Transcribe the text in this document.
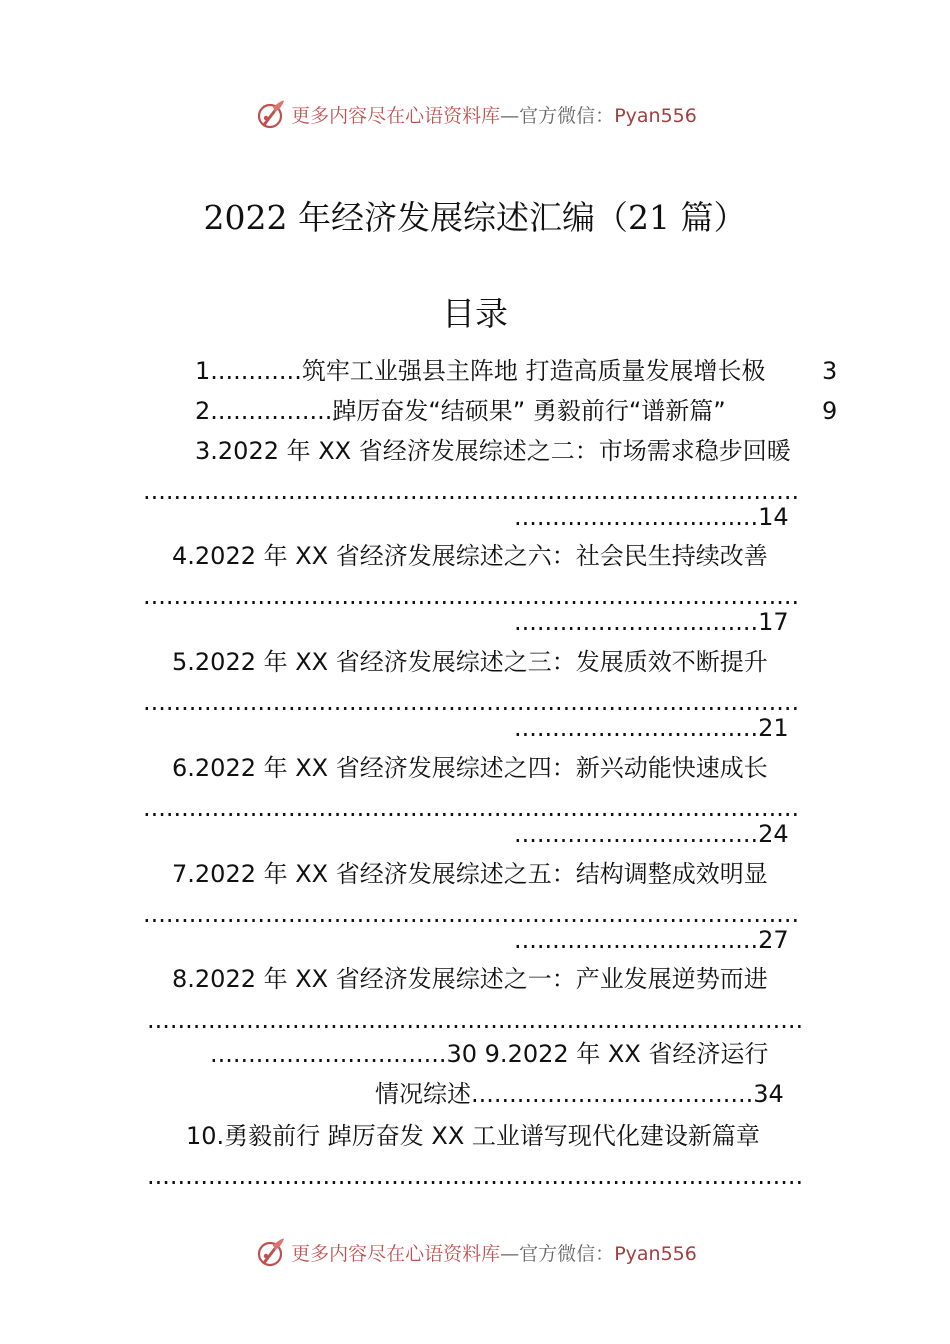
更多内容尽在心语资料库—官方微信：Pyan556
2022 年经济发展综述汇编（21 篇）
目录
1............筑牢工业强县主阵地 打造高质量发展增长极 3
2................踔厉奋发“结硕果” 勇毅前行“谱新篇”	9
3.2022 年 XX 省经济发展综述之二：市场需求稳步回暖
......................................................................................
................................14
4.2022 年 XX 省经济发展综述之六：社会民生持续改善
......................................................................................
................................17
5.2022 年 XX 省经济发展综述之三：发展质效不断提升
......................................................................................
................................21
6.2022 年 XX 省经济发展综述之四：新兴动能快速成长
......................................................................................
................................24
7.2022 年 XX 省经济发展综述之五：结构调整成效明显
......................................................................................
................................27
8.2022 年 XX 省经济发展综述之一：产业发展逆势而进
......................................................................................
...............................30 9.2022 年 XX 省经济运行
情况综述.....................................34
10.勇毅前行 踔厉奋发 XX 工业谱写现代化建设新篇章
......................................................................................
更多内容尽在心语资料库—官方微信：Pyan556
